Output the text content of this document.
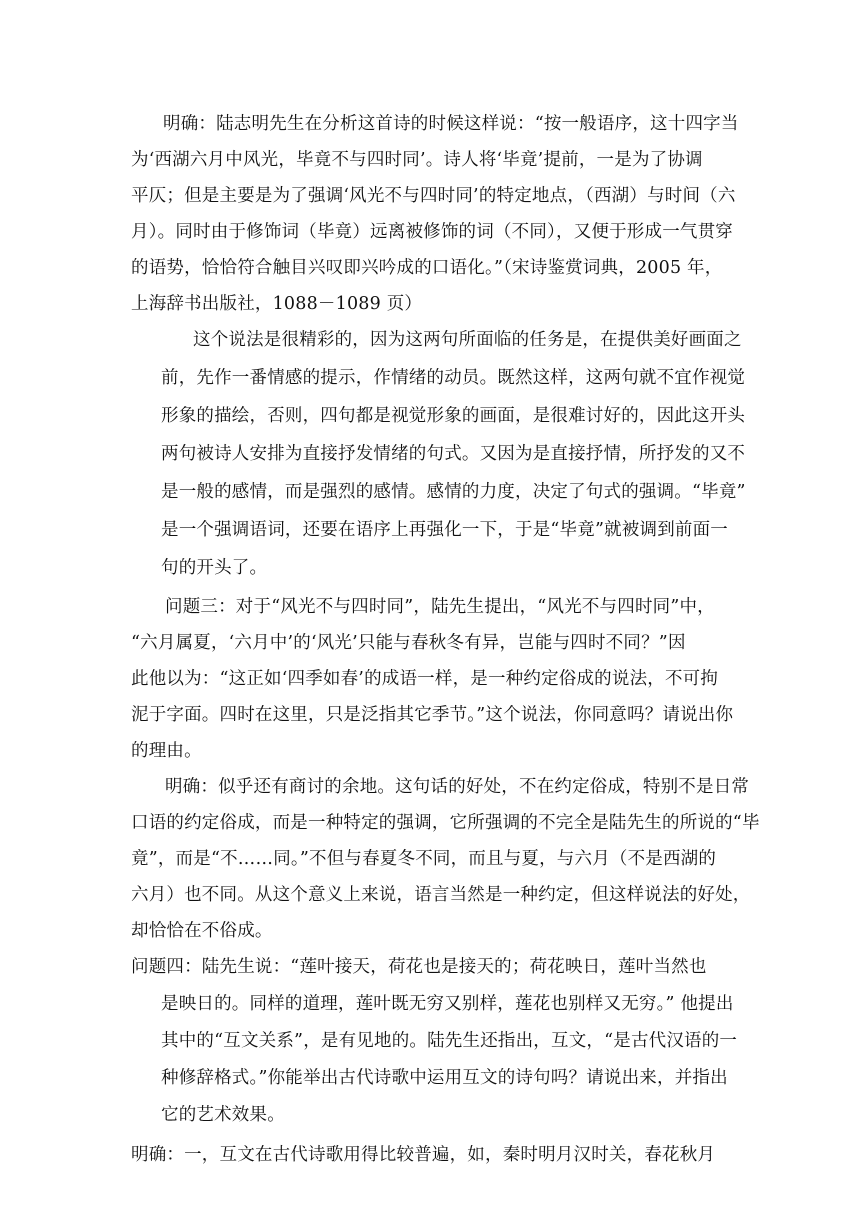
明确：陆志明先生在分析这首诗的时候这样说：“按一般语序，这十四字当
为‘西湖六月中风光，毕竟不与四时同’。诗人将‘毕竟’提前，一是为了协调
平仄；但是主要是为了强调‘风光不与四时同’的特定地点，（西湖）与时间（六
月）。同时由于修饰词（毕竟）远离被修饰的词（不同），又便于形成一气贯穿
的语势，恰恰符合触目兴叹即兴吟成的口语化。”（宋诗鉴赏词典，2005 年，
上海辞书出版社，1088－1089 页）
这个说法是很精彩的，因为这两句所面临的任务是，在提供美好画面之
前，先作一番情感的提示，作情绪的动员。既然这样，这两句就不宜作视觉
形象的描绘，否则，四句都是视觉形象的画面，是很难讨好的，因此这开头
两句被诗人安排为直接抒发情绪的句式。又因为是直接抒情，所抒发的又不
是一般的感情，而是强烈的感情。感情的力度，决定了句式的强调。“毕竟”
是一个强调语词，还要在语序上再强化一下，于是“毕竟”就被调到前面一
句的开头了。
问题三：对于“风光不与四时同”，陆先生提出，“风光不与四时同”中，
“六月属夏，‘六月中’的‘风光’只能与春秋冬有异，岂能与四时不同？”因
此他以为：“这正如‘四季如春’的成语一样，是一种约定俗成的说法，不可拘
泥于字面。四时在这里，只是泛指其它季节。”这个说法，你同意吗？请说出你
的理由。
明确：似乎还有商讨的余地。这句话的好处，不在约定俗成，特别不是日常
口语的约定俗成，而是一种特定的强调，它所强调的不完全是陆先生的所说的“毕
竟”，而是“不……同。”不但与春夏冬不同，而且与夏，与六月（不是西湖的
六月）也不同。从这个意义上来说，语言当然是一种约定，但这样说法的好处，
却恰恰在不俗成。
问题四：陆先生说：“莲叶接天，荷花也是接天的；荷花映日，莲叶当然也
是映日的。同样的道理，莲叶既无穷又别样，莲花也别样又无穷。” 他提出
其中的“互文关系”，是有见地的。陆先生还指出，互文，“是古代汉语的一
种修辞格式。”你能举出古代诗歌中运用互文的诗句吗？请说出来，并指出
它的艺术效果。
明确：一，互文在古代诗歌用得比较普遍，如，秦时明月汉时关，春花秋月
